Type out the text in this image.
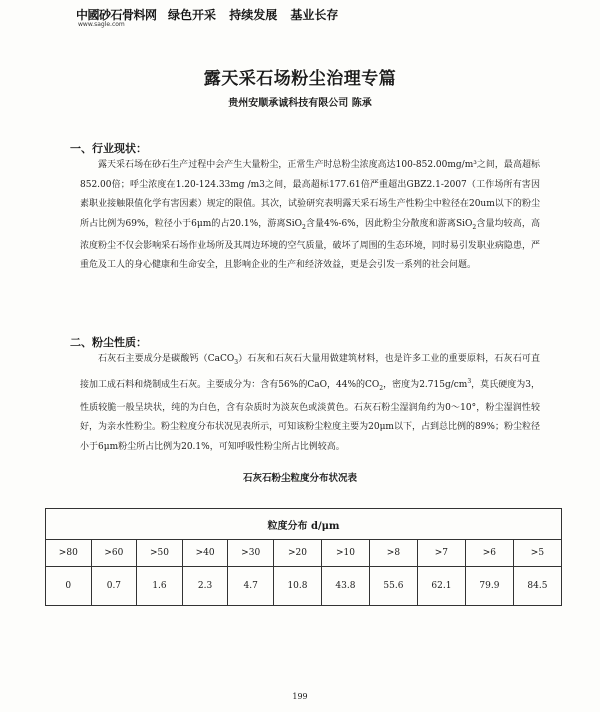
中國砂石骨料网
www.sagle.com
绿色开采 持续发展 基业长存
露天采石场粉尘治理专篇
贵州安顺承诚科技有限公司 陈承
一、行业现状：

露天采石场在砂石生产过程中会产生大量粉尘，正常生产时总粉尘浓度高达100-852.00mg/m³之间，最高超标852.00倍；呼尘浓度在1.20-124.33mg /m3之间，最高超标177.61倍严重超出GBZ2.1-2007（工作场所有害因素职业接触限值化学有害因素）规定的限值。其次，试验研究表明露天采石场生产性粉尘中粒径在20um以下的粉尘所占比例为69%，粒径小于6μm的占20.1%，游离SiO$_2$含量4%-6%，因此粉尘分散度和游离SiO$_2$含量均较高，高浓度粉尘不仅会影响采石场作业场所及其周边环境的空气质量，破坏了周围的生态环境，同时易引发职业病隐患，严重危及工人的身心健康和生命安全，且影响企业的生产和经济效益，更是会引发一系列的社会问题。

二、粉尘性质：

石灰石主要成分是碳酸钙（CaCO$_3$）石灰和石灰石大量用做建筑材料，也是许多工业的重要原料，石灰石可直接加工成石料和烧制成生石灰。主要成分为：含有56%的CaO，44%的$CO_2$，密度为$2.715g/cm^3$，莫氏硬度为3，性质较脆一般呈块状，纯的为白色，含有杂质时为淡灰色或淡黄色。石灰石粉尘湿润角约为0～10°，粉尘湿润性较好，为亲水性粉尘。粉尘粒度分布状况见表所示，可知该粉尘粒度主要为20μm以下，占到总比例的89%；粉尘粒径小于6μm粉尘所占比例为20.1%，可知呼吸性粉尘所占比例较高。

石灰石粉尘粒度分布状况表
粒度分布 d/μm										
>80	>60	>50	>40	>30	>20	>10	>8	>7	>6	>5
0	0.7	1.6	2.3	4.7	10.8	43.8	55.6	62.1	79.9	84.5
199
